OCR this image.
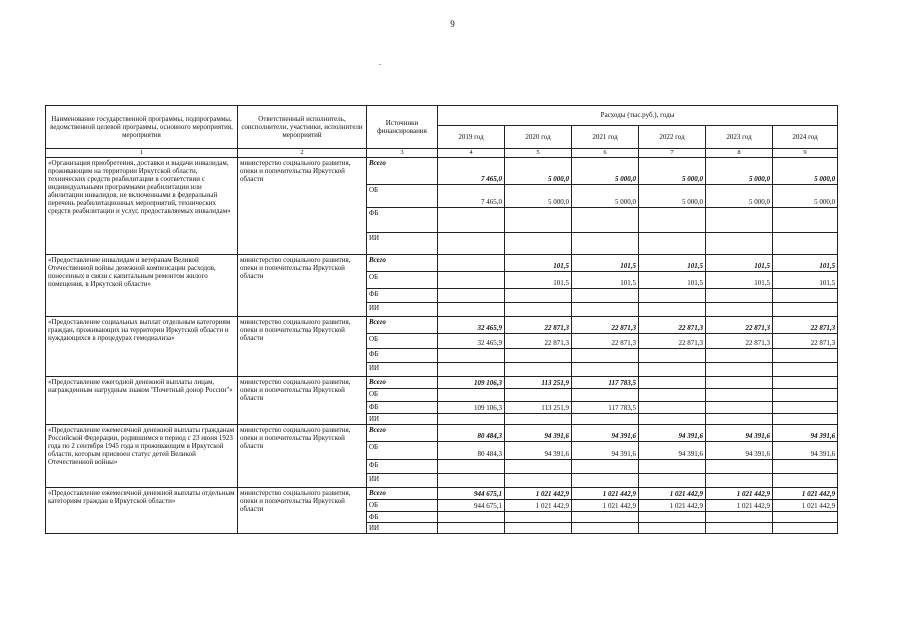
9
.
Наименование государственной программы, подпрограммы, ведомственной целевой программы, основного мероприятия, мероприятия	Ответственный исполнитель, соисполнители, участники, исполнители мероприятий	Источники финансирования	Расходы (тыс.руб.), годы					
			2019 год	2020 год	2021 год	2022 год	2023 год	2024 год
1	2	3	4	5	6	7	8	9
«Организация приобретения, доставки и выдачи инвалидам, проживающим на территории Иркутской области, технических средств реабилитации в соответствии с индивидуальными программами реабилитации или абилитации инвалидов, не включенными в федеральный перечень реабилитационных мероприятий, технических средств реабилитации и услуг, предоставляемых инвалидам»	министерство социального развития, опеки и попечительства Иркутской области	Всего	7 465,0	5 000,0	5 000,0	5 000,0	5 000,0	5 000,0
		ОБ	7 465,0	5 000,0	5 000,0	5 000,0	5 000,0	5 000,0
		ФБ						
		ИИ						
«Предоставление инвалидам и ветеранам Великой Отечественной войны денежной компенсации расходов, понесенных в связи с капитальным ремонтом жилого помещения, в Иркутской области»	министерство социального развития, опеки и попечительства Иркутской области	Всего		101,5	101,5	101,5	101,5	101,5
		ОБ		101,5	101,5	101,5	101,5	101,5
		ФБ						
		ИИ						
«Предоставление социальных выплат отдельным категориям граждан, проживающих на территории Иркутской области и нуждающихся в процедурах гемодиализа»	министерство социального развития, опеки и попечительства Иркутской области	Всего	32 465,9	22 871,3	22 871,3	22 871,3	22 871,3	22 871,3
		ОБ	32 465,9	22 871,3	22 871,3	22 871,3	22 871,3	22 871,3
		ФБ						
		ИИ						
«Предоставление ежегодной денежной выплаты лицам, награжденным нагрудным знаком "Почетный донор России"»	министерство социального развития, опеки и попечительства Иркутской области	Всего	109 106,3	113 251,9	117 783,5			
		ОБ						
		ФБ	109 106,3	113 251,9	117 783,5			
		ИИ						
«Предоставление ежемесячной денежной выплаты гражданам Российской Федерации, родившимся в период с 23 июня 1923 года по 2 сентября 1945 года и проживающим в Иркутской области, которым присвоен статус детей Великой Отечественной войны»	министерство социального развития, опеки и попечительства Иркутской области	Всего	80 484,3	94 391,6	94 391,6	94 391,6	94 391,6	94 391,6
		ОБ	80 484,3	94 391,6	94 391,6	94 391,6	94 391,6	94 391,6
		ФБ						
		ИИ						
«Предоставление ежемесячной денежной выплаты отдельным категориям граждан в Иркутской области»	министерство социального развития, опеки и попечительства Иркутской области	Всего	944 675,1	1 021 442,9	1 021 442,9	1 021 442,9	1 021 442,9	1 021 442,9
		ОБ	944 675,1	1 021 442,9	1 021 442,9	1 021 442,9	1 021 442,9	1 021 442,9
		ФБ						
		ИИ						
